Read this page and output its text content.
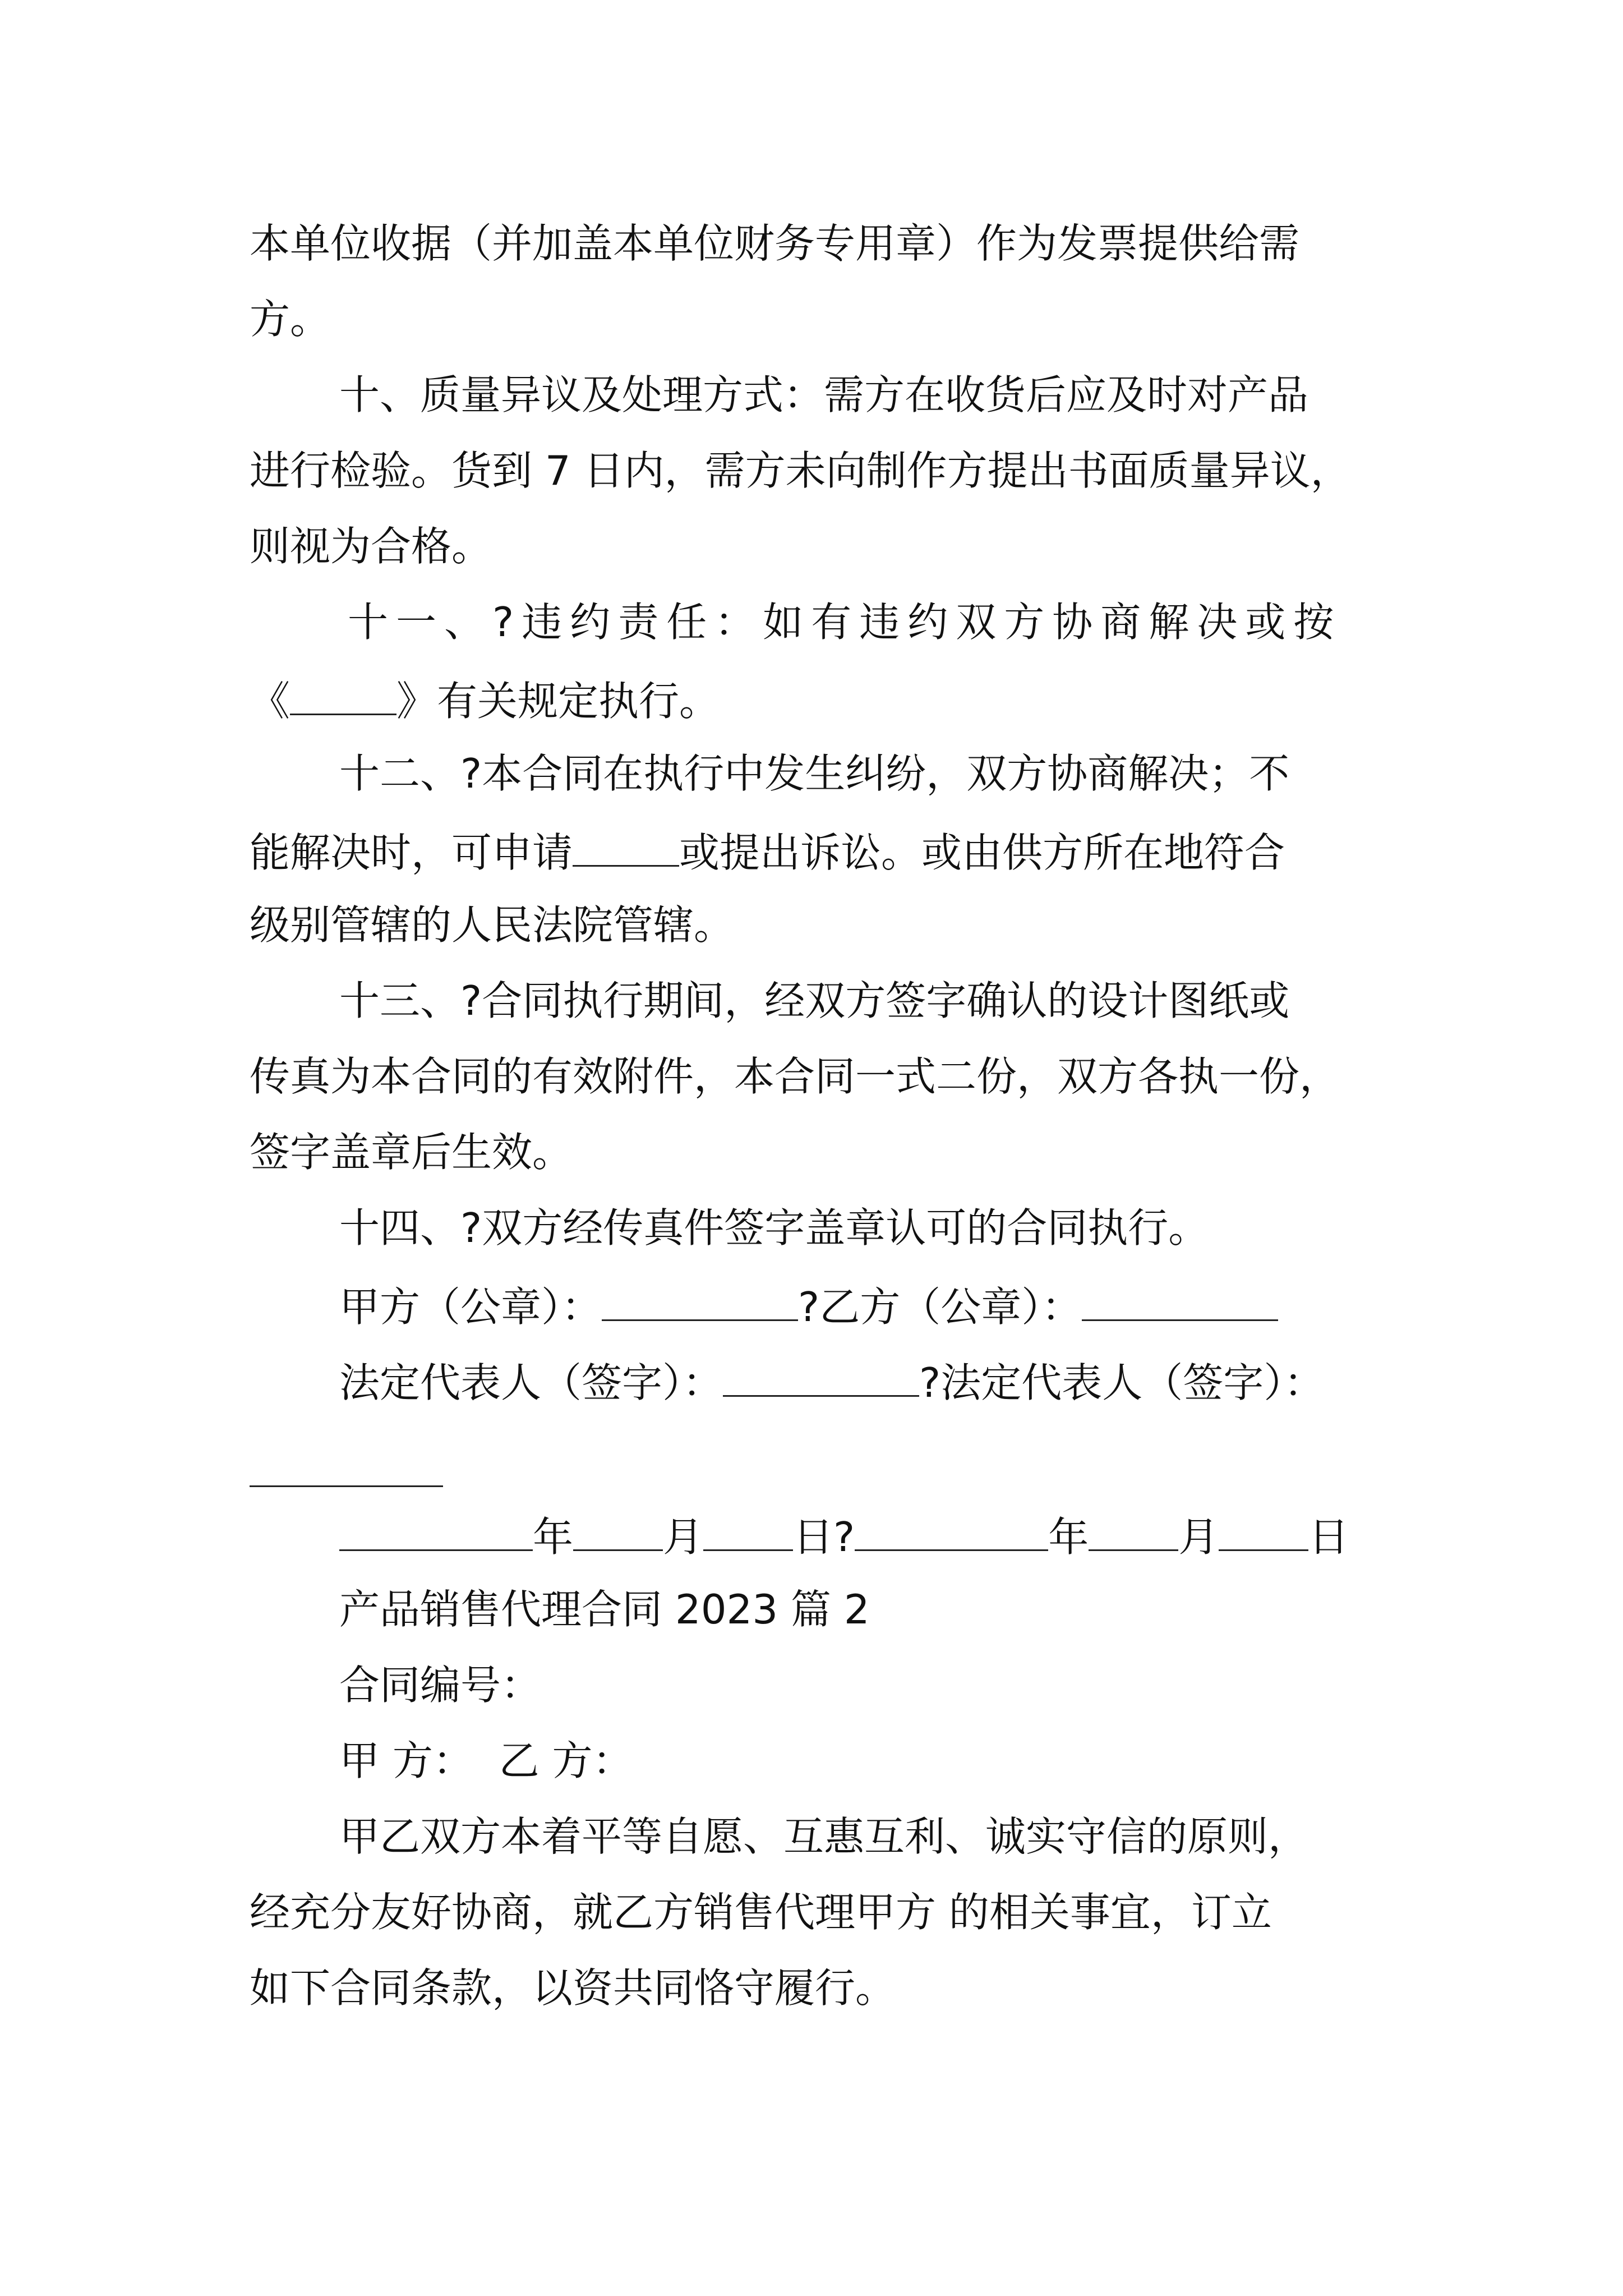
本单位收据（并加盖本单位财务专用章）作为发票提供给需
方。
十、质量异议及处理方式：需方在收货后应及时对产品
进行检验。货到 7 日内，需方未向制作方提出书面质量异议，
则视为合格。
十一、?违约责任：如有违约双方协商解决或按
《	》有关规定执行。
十二、?本合同在执行中发生纠纷，双方协商解决；不
能解决时，可申请	或提出诉讼。或由供方所在地符合
级别管辖的人民法院管辖。
十三、?合同执行期间，经双方签字确认的设计图纸或
传真为本合同的有效附件，本合同一式二份，双方各执一份，
签字盖章后生效。
十四、?双方经传真件签字盖章认可的合同执行。
甲方（公章）：	?乙方（公章）：
法定代表人（签字）：	?法定代表人（签字）：
年 月 日?	年 月 日
产品销售代理合同 2023 篇 2
合同编号：
甲 方：  乙 方：
甲乙双方本着平等自愿、互惠互利、诚实守信的原则，
经充分友好协商，就乙方销售代理甲方 的相关事宜，订立
如下合同条款，以资共同恪守履行。
